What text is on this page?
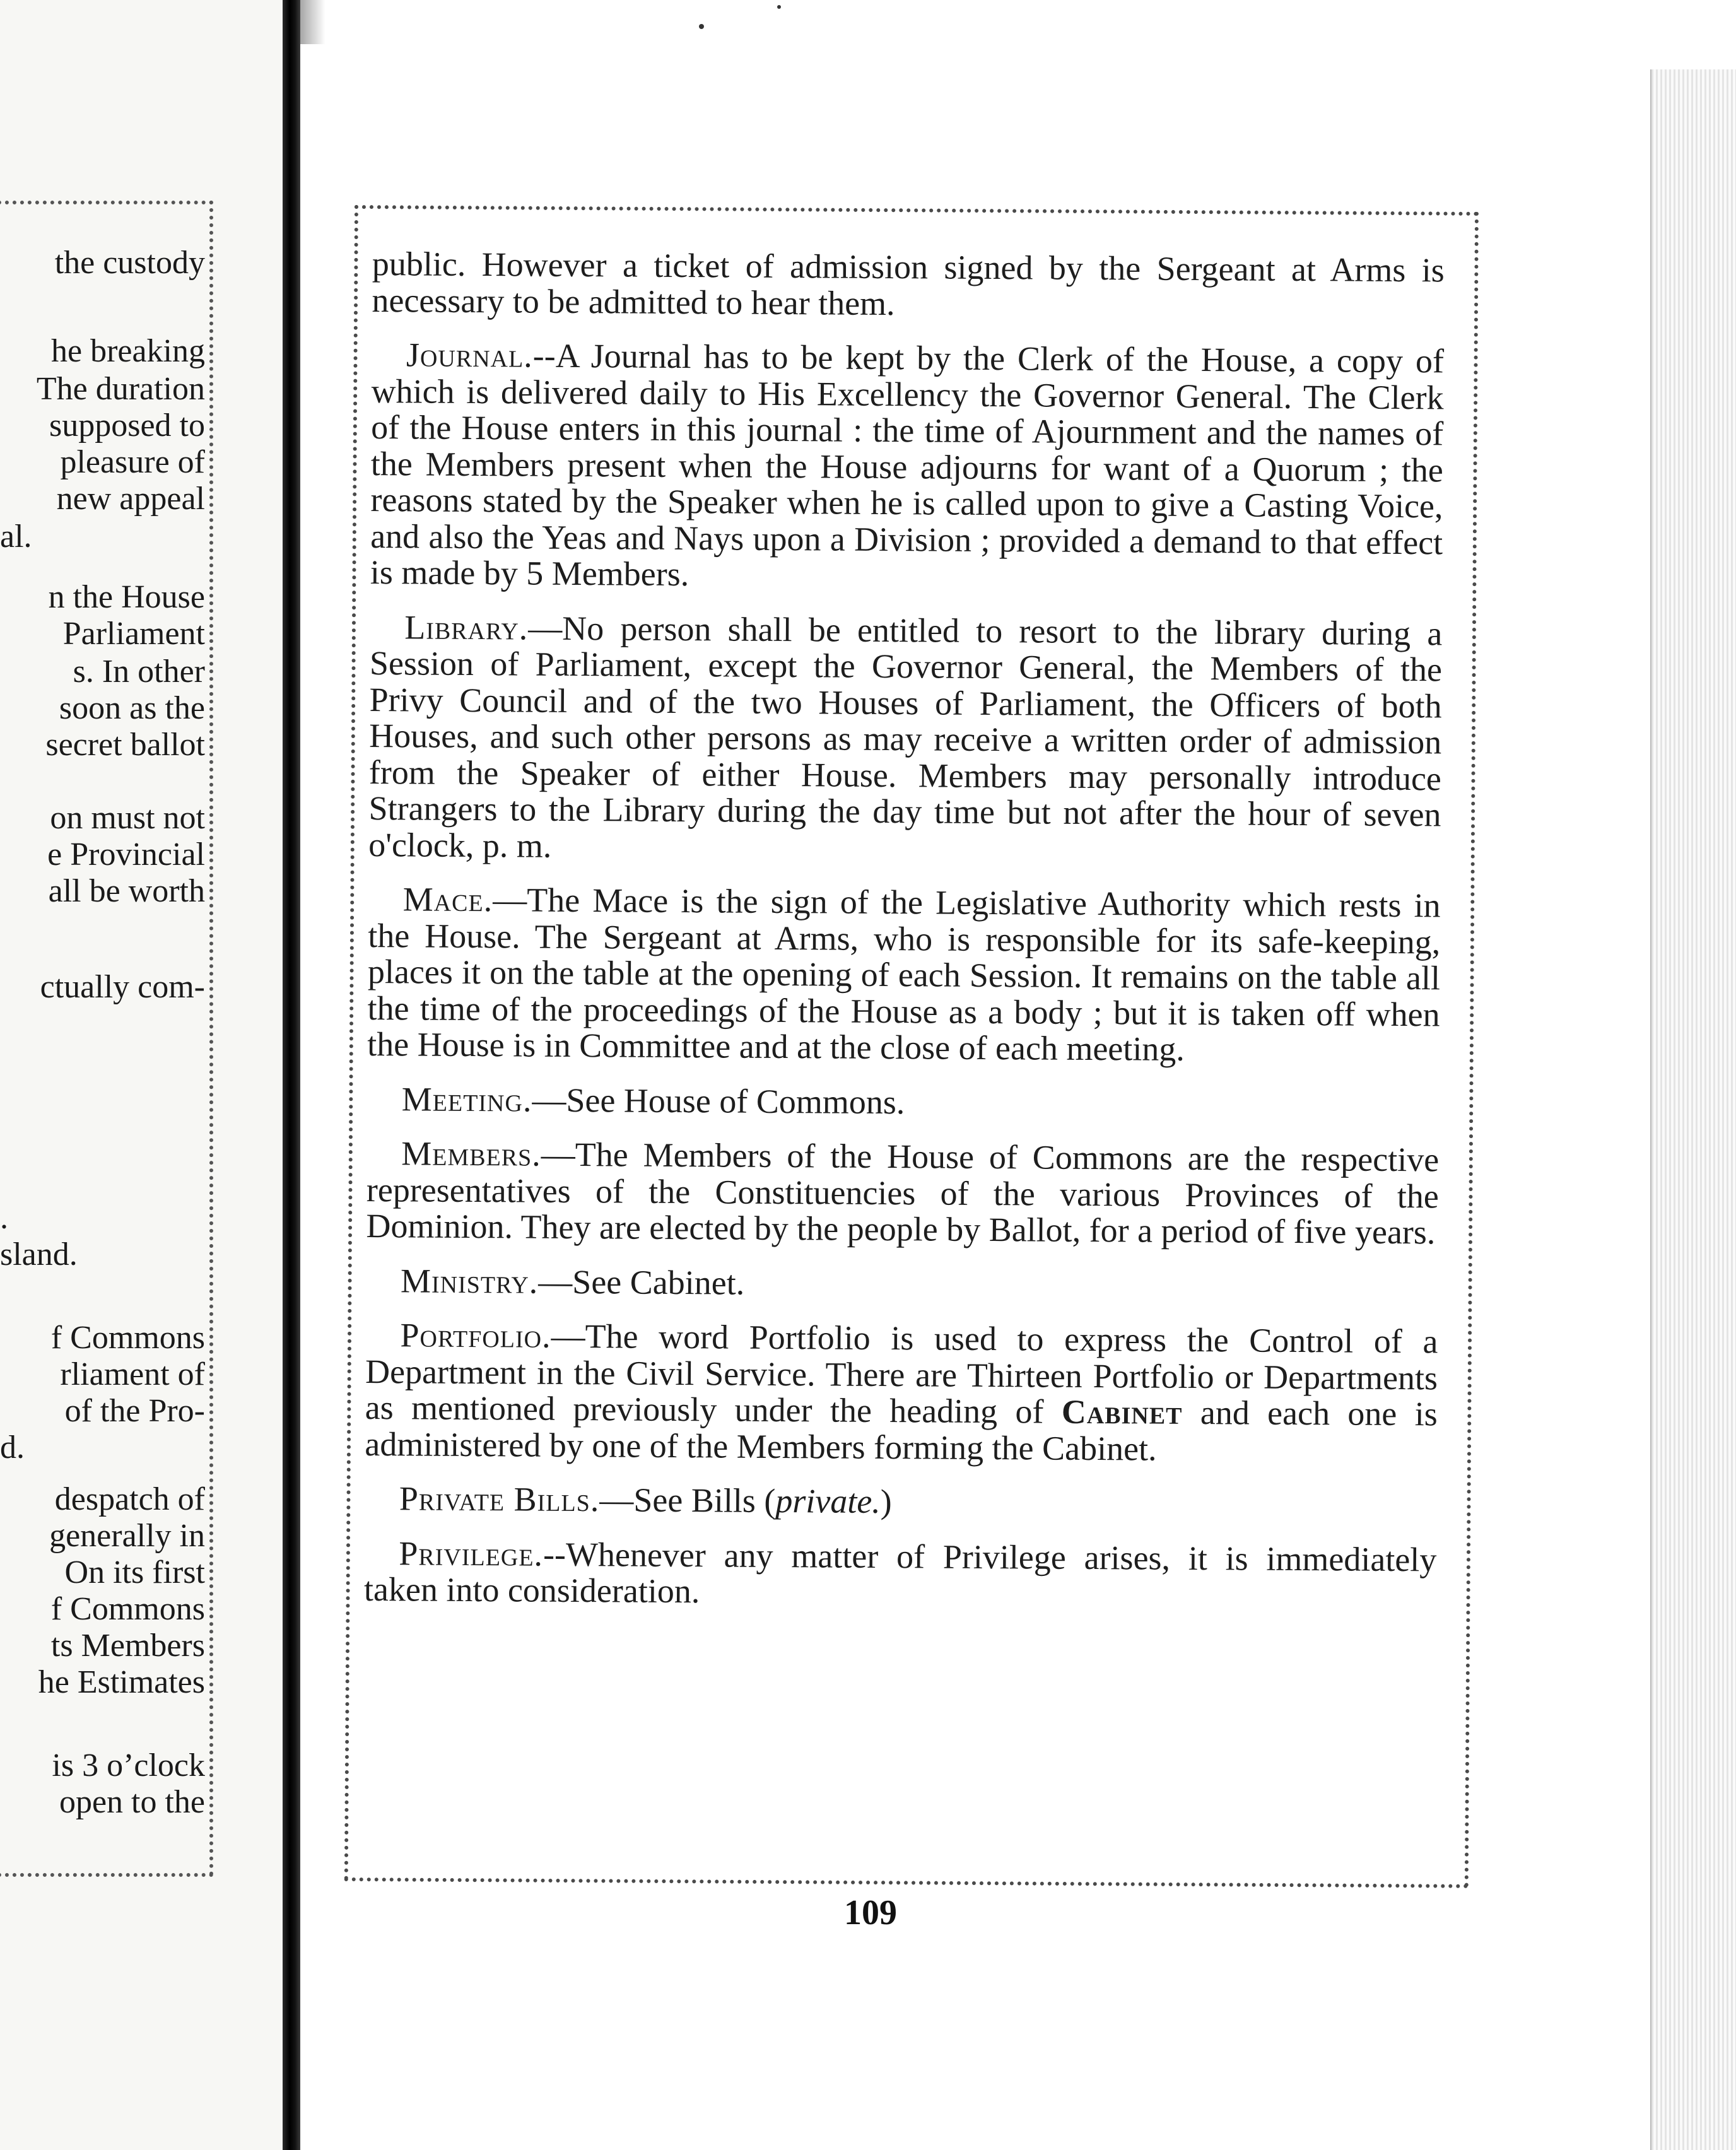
the custody
he breaking
The duration
supposed to
pleasure of
new appeal
al.
n the House
Parliament
s. In other
soon as the
secret ballot
on must not
e Provincial
all be worth
ctually com-
.
sland.
f Commons
rliament of
of the Pro-
d.
despatch of
generally in
On its first
f Commons
ts Members
he Estimates
is 3 o’clock
open to the

public. However a ticket of admission signed by the Sergeant at Arms is necessary to be admitted to hear them.

Journal.--A Journal has to be kept by the Clerk of the House, a copy of which is delivered daily to His Excellency the Governor General. The Clerk of the House enters in this journal : the time of Ajournment and the names of the Members present when the House adjourns for want of a Quorum ; the reasons stated by the Speaker when he is called upon to give a Casting Voice, and also the Yeas and Nays upon a Division ; provided a demand to that effect is made by 5 Members.

Library.—No person shall be entitled to resort to the library during a Session of Parliament, except the Governor General, the Members of the Privy Council and of the two Houses of Parliament, the Officers of both Houses, and such other persons as may receive a written order of admission from the Speaker of either House. Members may personally introduce Strangers to the Library during the day time but not after the hour of seven o'clock, p. m.

Mace.—The Mace is the sign of the Legislative Authority which rests in the House. The Sergeant at Arms, who is responsible for its safe-keeping, places it on the table at the opening of each Session. It remains on the table all the time of the proceedings of the House as a body ; but it is taken off when the House is in Committee and at the close of each meeting.

Meeting.—See House of Commons.

Members.—The Members of the House of Commons are the respective representatives of the Constituencies of the various Provinces of the Dominion. They are elected by the people by Ballot, for a period of five years.

Ministry.—See Cabinet.

Portfolio.—The word Portfolio is used to express the Control of a Department in the Civil Service. There are Thirteen Portfolio or Departments as mentioned previously under the heading of Cabinet and each one is administered by one of the Members forming the Cabinet.

Private Bills.—See Bills (private.)

Privilege.--Whenever any matter of Privilege arises, it is immediately taken into consideration.

109
